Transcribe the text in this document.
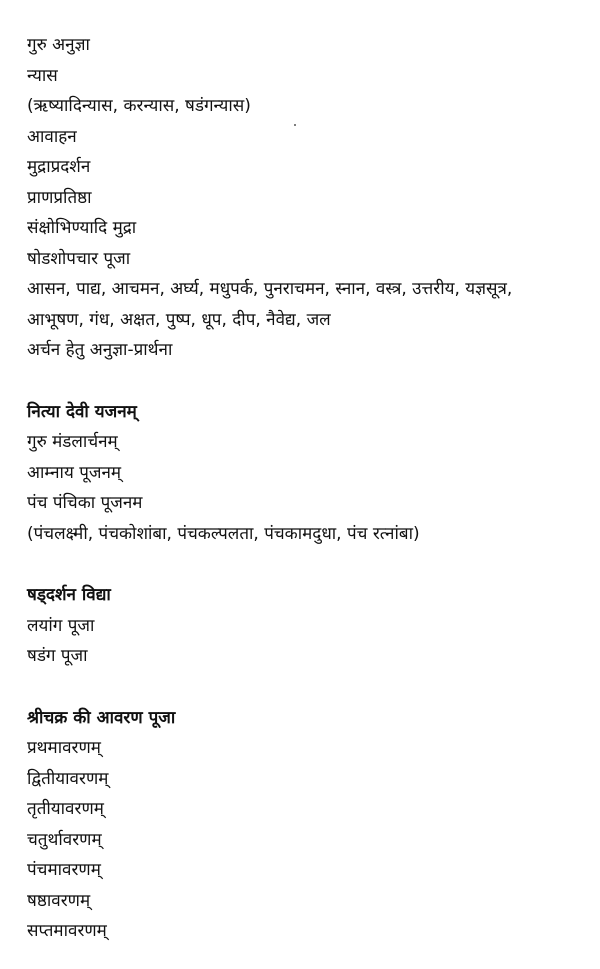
गुरु अनुज्ञा
न्यास
(ऋष्यादिन्यास, करन्यास, षडंगन्यास)
आवाहन
मुद्राप्रदर्शन
प्राणप्रतिष्ठा
संक्षोभिण्यादि मुद्रा
षोडशोपचार पूजा
आसन, पाद्य, आचमन, अर्घ्य, मधुपर्क, पुनराचमन, स्नान, वस्त्र, उत्तरीय, यज्ञसूत्र,
आभूषण, गंध, अक्षत, पुष्प, धूप, दीप, नैवेद्य, जल
अर्चन हेतु अनुज्ञा-प्रार्थना
नित्या देवी यजनम्
गुरु मंडलार्चनम्
आम्नाय पूजनम्
पंच पंचिका पूजनम
(पंचलक्ष्मी, पंचकोशांबा, पंचकल्पलता, पंचकामदुधा, पंच रत्नांबा)
षड्दर्शन विद्या
लयांग पूजा
षडंग पूजा
श्रीचक्र की आवरण पूजा
प्रथमावरणम्
द्वितीयावरणम्
तृतीयावरणम्
चतुर्थावरणम्
पंचमावरणम्
षष्ठावरणम्
सप्तमावरणम्
